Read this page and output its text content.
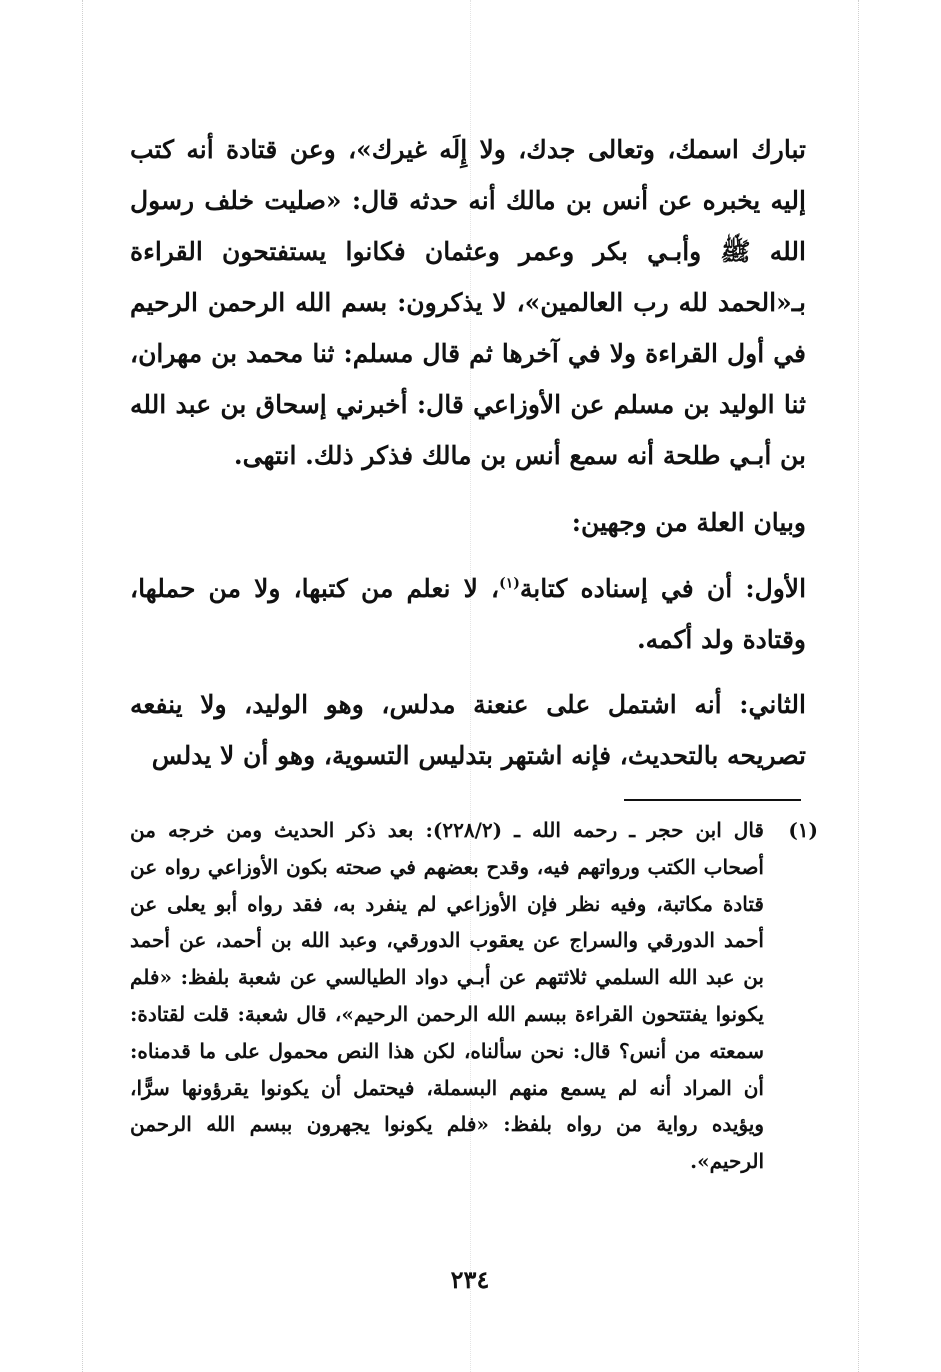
تبارك اسمك، وتعالى جدك، ولا إِلَه غيرك»، وعن قتادة أنه كتب إليه يخبره عن أنس بن مالك أنه حدثه قال: «صليت خلف رسول الله ﷺ وأبـي بكر وعمر وعثمان فكانوا يستفتحون القراءة بـ«الحمد لله رب العالمين»، لا يذكرون: بسم الله الرحمن الرحيم في أول القراءة ولا في آخرها ثم قال مسلم: ثنا محمد بن مهران، ثنا الوليد بن مسلم عن الأوزاعي قال: أخبرني إسحاق بن عبد الله بن أبـي طلحة أنه سمع أنس بن مالك فذكر ذلك. انتهى.

وبيان العلة من وجهين:

الأول: أن في إسناده كتابة$^{(١)}$، لا نعلم من كتبها، ولا من حملها، وقتادة ولد أكمه.

الثاني: أنه اشتمل على عنعنة مدلس، وهو الوليد، ولا ينفعه تصريحه بالتحديث، فإنه اشتهر بتدليس التسوية، وهو أن لا يدلس

(١)
قال ابن حجر ـ رحمه الله ـ (٢٢٨/٢): بعد ذكر الحديث ومن خرجه من أصحاب الكتب ورواتهم فيه، وقدح بعضهم في صحته بكون الأوزاعي رواه عن قتادة مكاتبة، وفيه نظر فإن الأوزاعي لم ينفرد به، فقد رواه أبو يعلى عن أحمد الدورقي والسراج عن يعقوب الدورقي، وعبد الله بن أحمد، عن أحمد بن عبد الله السلمي ثلاثتهم عن أبـي دواد الطيالسي عن شعبة بلفظ: «فلم يكونوا يفتتحون القراءة ببسم الله الرحمن الرحيم»، قال شعبة: قلت لقتادة: سمعته من أنس؟ قال: نحن سألناه، لكن هذا النص محمول على ما قدمناه: أن المراد أنه لم يسمع منهم البسملة، فيحتمل أن يكونوا يقرؤونها سرًّا، ويؤيده رواية من رواه بلفظ: «فلم يكونوا يجهرون ببسم الله الرحمن الرحيم».
٢٣٤
